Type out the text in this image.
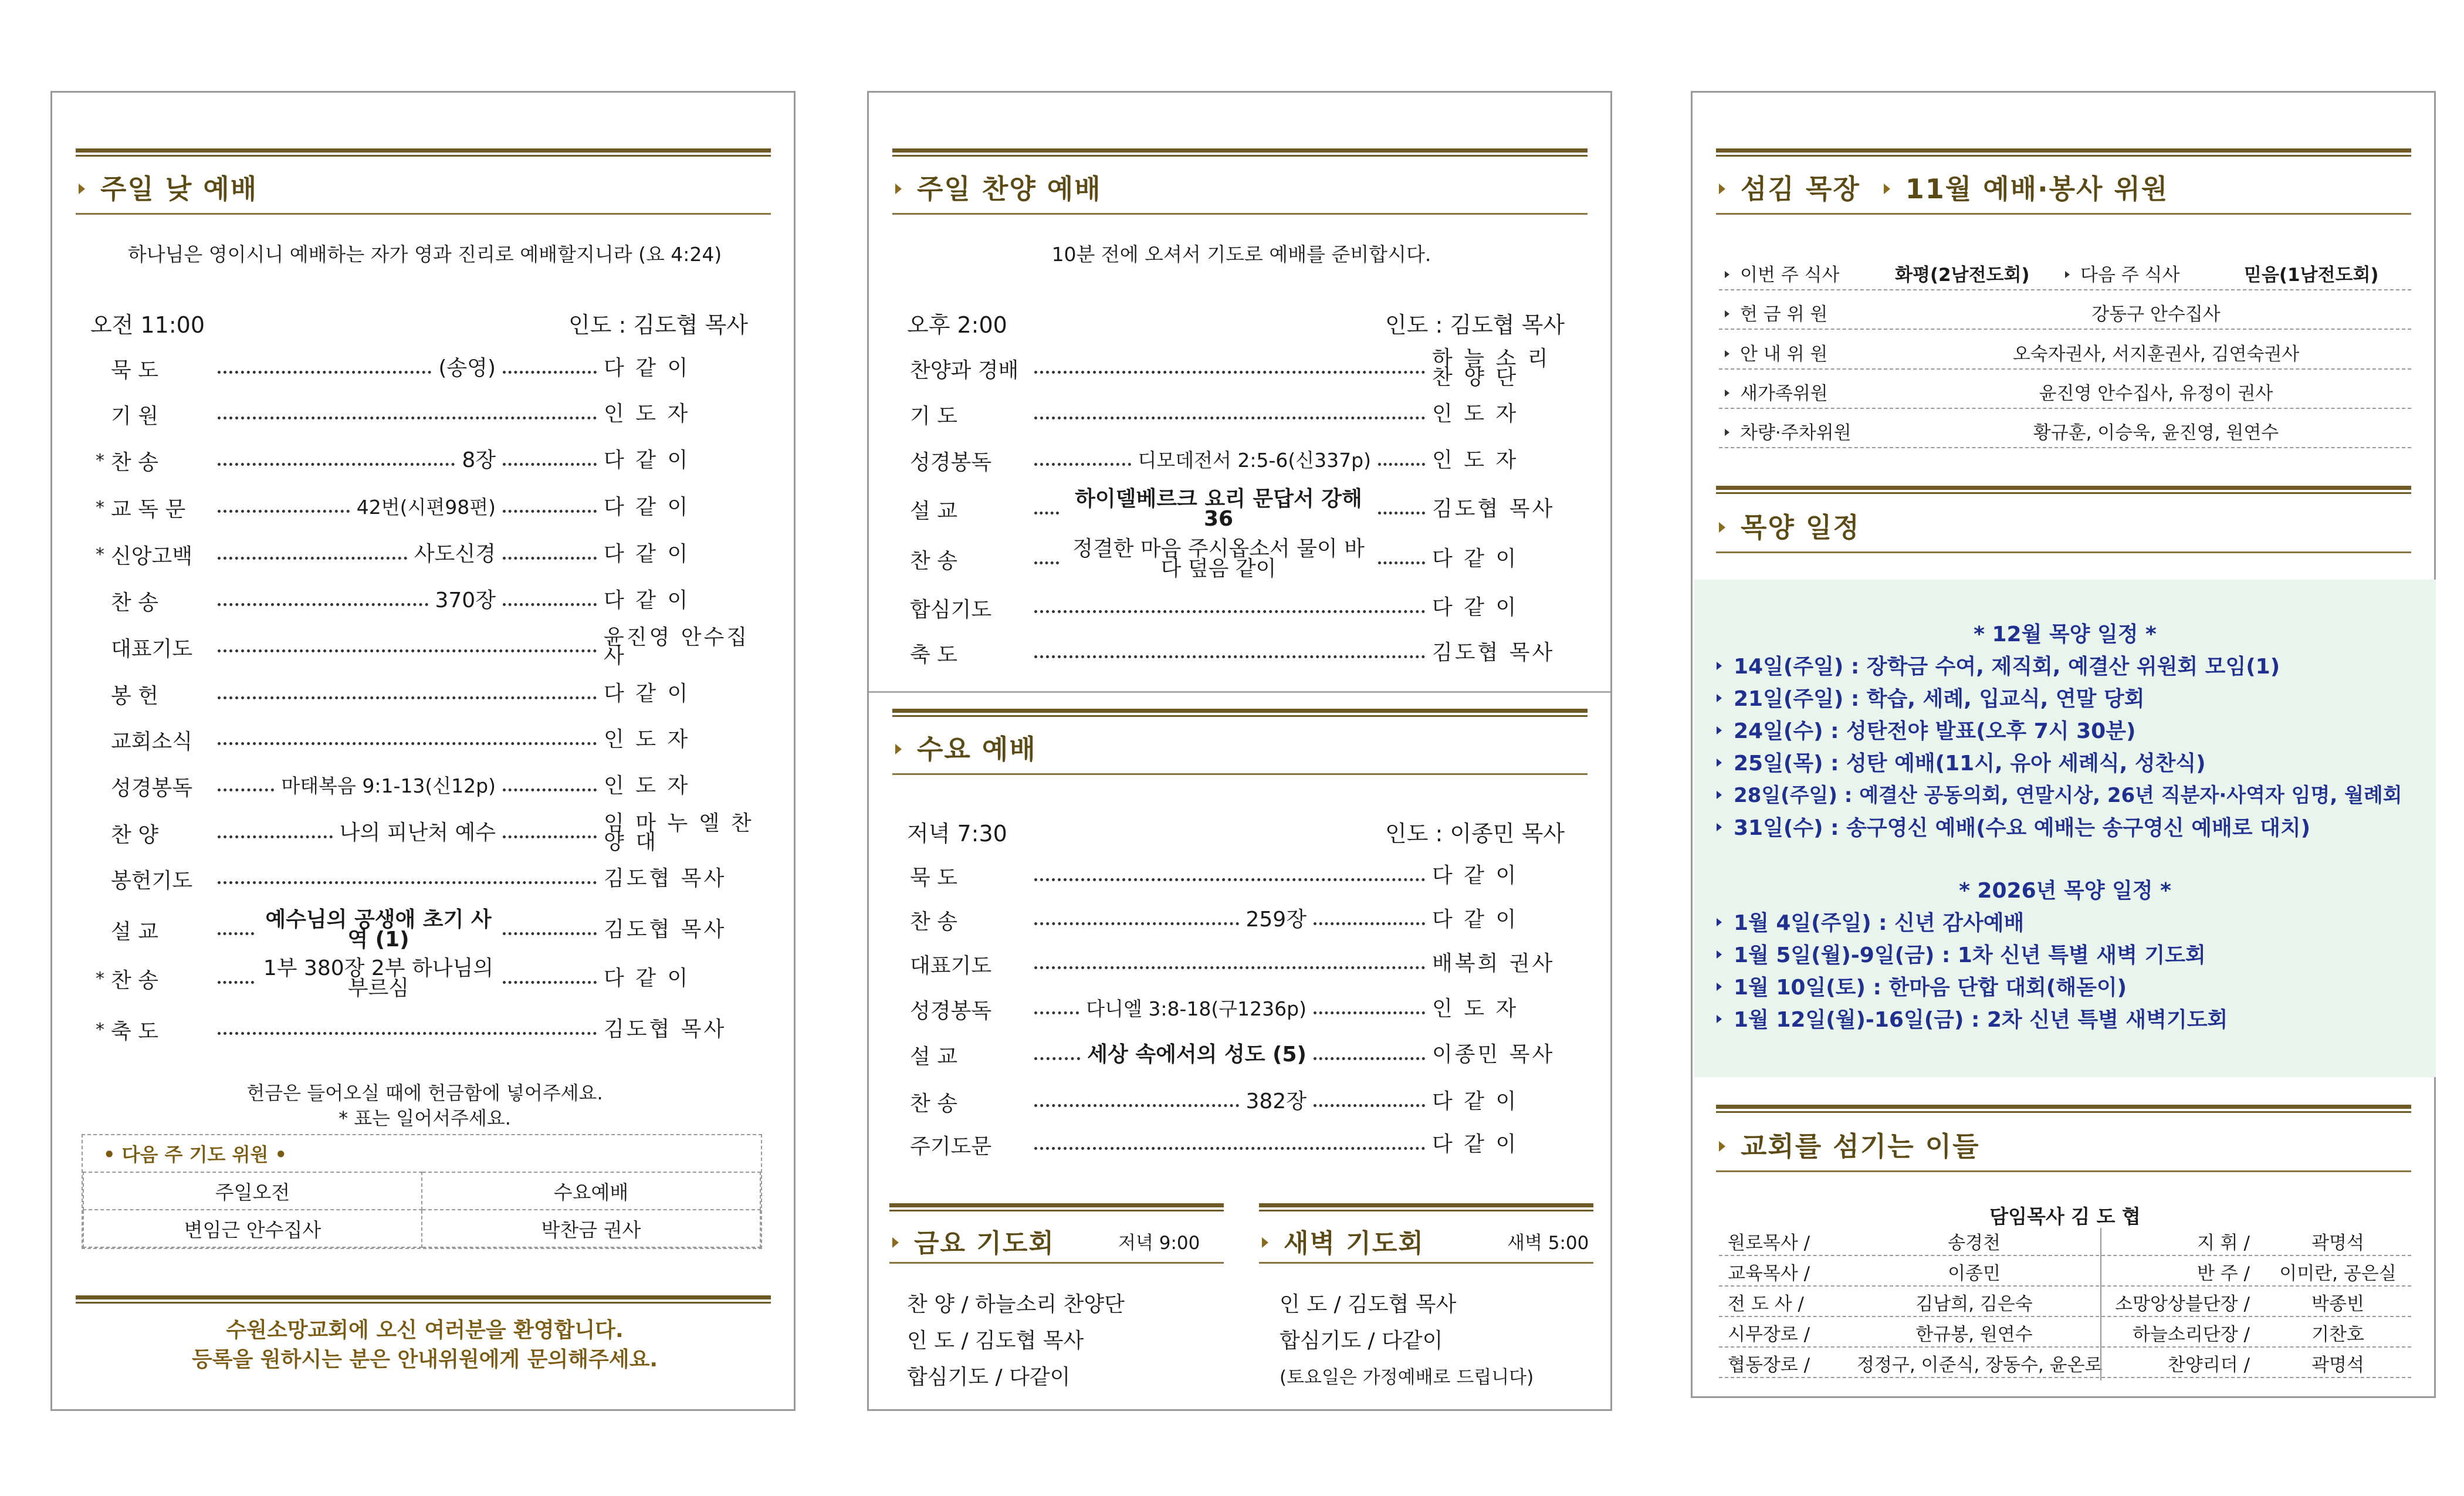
주일 낮 예배
하나님은 영이시니 예배하는 자가 영과 진리로 예배할지니라 (요 4:24)
오전 11:00	인도 : 김도협 목사
묵 도	(송영)	다 같 이
기 원	인 도 자
* 찬 송	8장	다 같 이
* 교 독 문	42번(시편98편)	다 같 이
* 신앙고백	사도신경	다 같 이
찬 송	370장	다 같 이
대표기도	윤진영 안수집사
봉 헌	다 같 이
교회소식	인 도 자
성경봉독	마태복음 9:1-13(신12p)	인 도 자
찬 양	나의 피난처 예수	임 마 누 엘 찬 양 대
봉헌기도	김도협 목사
설 교	예수님의 공생애 초기 사역 (1)	김도협 목사
* 찬 송	1부 380장 2부 하나님의 부르심	다 같 이
* 축 도	김도협 목사
헌금은 들어오실 때에 헌금함에 넣어주세요.
* 표는 일어서주세요.
• 다음 주 기도 위원 •
주일오전	수요예배
변임근 안수집사	박찬금 권사
수원소망교회에 오신 여러분을 환영합니다.
등록을 원하시는 분은 안내위원에게 문의해주세요.
주일 찬양 예배
10분 전에 오셔서 기도로 예배를 준비합시다.
오후 2:00	인도 : 김도협 목사
찬양과 경배	하 늘 소 리 찬 양 단
기 도	인 도 자
성경봉독	디모데전서 2:5-6(신337p)	인 도 자
설 교	하이델베르크 요리 문답서 강해 36	김도협 목사
찬 송	정결한 마음 주시옵소서 물이 바다 덮음 같이	다 같 이
합심기도	다 같 이
축 도	김도협 목사
수요 예배
저녁 7:30	인도 : 이종민 목사
묵 도	다 같 이
찬 송	259장	다 같 이
대표기도	배복희 권사
성경봉독	다니엘 3:8-18(구1236p)	인 도 자
설 교	세상 속에서의 성도 (5)	이종민 목사
찬 송	382장	다 같 이
주기도문	다 같 이
금요 기도회	저녁 9:00
찬 양 / 하늘소리 찬양단
인 도 / 김도협 목사
합심기도 / 다같이
새벽 기도회	새벽 5:00
인 도 / 김도협 목사
합심기도 / 다같이
(토요일은 가정예배로 드립니다)
섬김 목장 11월 예배·봉사 위원
이번 주 식사	화평(2남전도회)	다음 주 식사	믿음(1남전도회)
헌 금 위 원	강동구 안수집사
안 내 위 원	오숙자권사, 서지훈권사, 김연숙권사
새가족위원	윤진영 안수집사, 유정이 권사
차량·주차위원	황규훈, 이승욱, 윤진영, 원연수
목양 일정
* 12월 목양 일정 *
14일(주일) : 장학금 수여, 제직회, 예결산 위원회 모임(1)
21일(주일) : 학습, 세례, 입교식, 연말 당회
24일(수) : 성탄전야 발표(오후 7시 30분)
25일(목) : 성탄 예배(11시, 유아 세례식, 성찬식)
28일(주일) : 예결산 공동의회, 연말시상, 26년 직분자·사역자 임명, 월례회
31일(수) : 송구영신 예배(수요 예배는 송구영신 예배로 대치)
* 2026년 목양 일정 *
1월 4일(주일) : 신년 감사예배
1월 5일(월)-9일(금) : 1차 신년 특별 새벽 기도회
1월 10일(토) : 한마음 단합 대회(해돋이)
1월 12일(월)-16일(금) : 2차 신년 특별 새벽기도회
교회를 섬기는 이들
담임목사 김 도 협
원로목사 /	송경천	지 휘 /	곽명석
교육목사 /	이종민	반 주 /	이미란, 공은실
전 도 사 /	김남희, 김은숙	소망앙상블단장 /	박종빈
시무장로 /	한규봉, 원연수	하늘소리단장 /	기찬호
협동장로 /	정정구, 이준식, 장동수, 윤온로	찬양리더 /	곽명석
